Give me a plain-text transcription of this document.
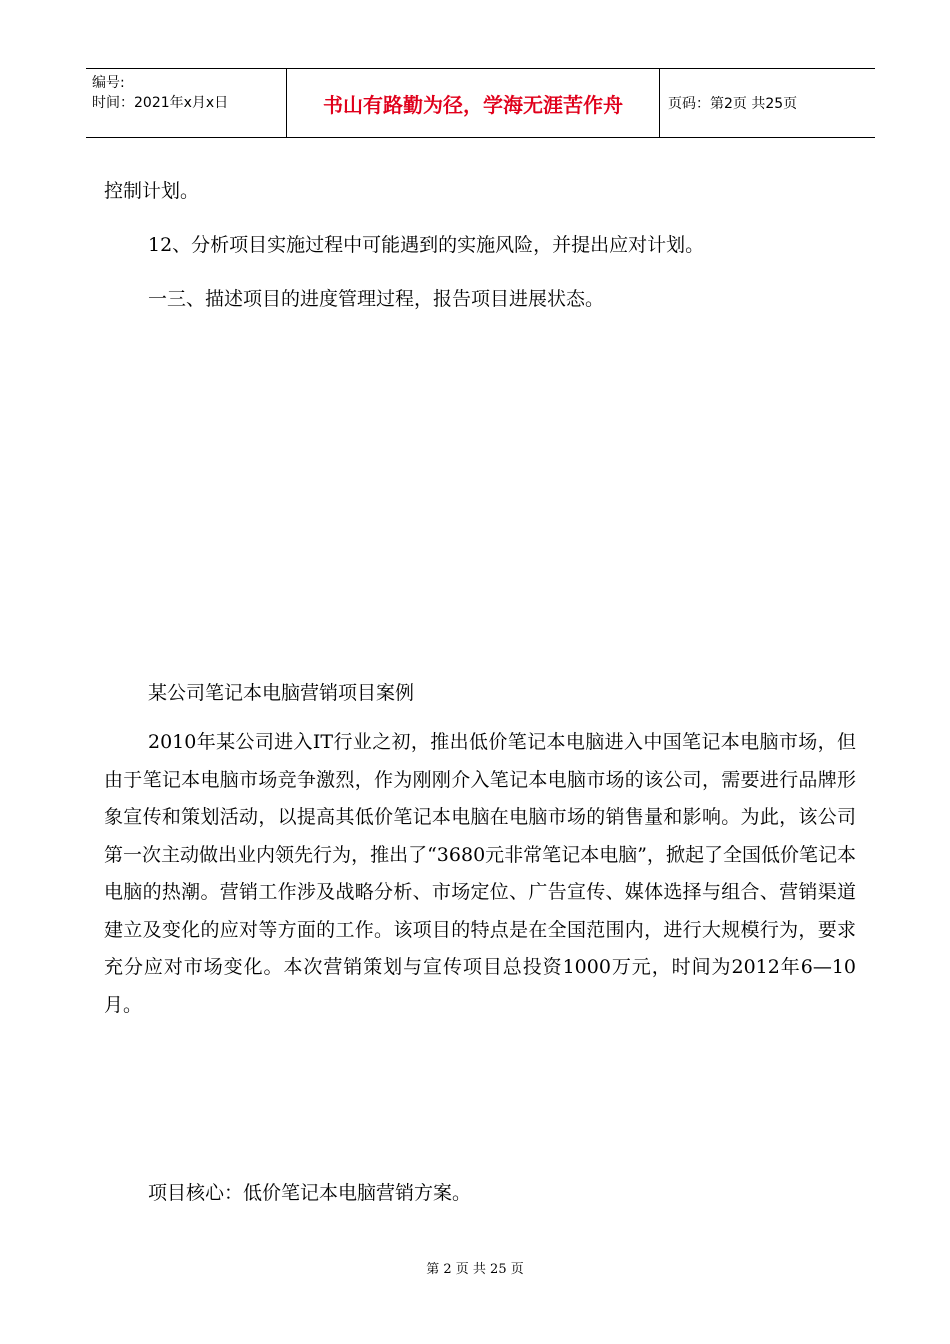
编号:
时间：2021年x月x日	书山有路勤为径，学海无涯苦作舟	页码：第2页 共25页

控制计划。

12、分析项目实施过程中可能遇到的实施风险，并提出应对计划。

一三、描述项目的进度管理过程，报告项目进展状态。

某公司笔记本电脑营销项目案例

2010年某公司进入IT行业之初，推出低价笔记本电脑进入中国笔记本电脑市场，但由于笔记本电脑市场竞争激烈，作为刚刚介入笔记本电脑市场的该公司，需要进行品牌形象宣传和策划活动，以提高其低价笔记本电脑在电脑市场的销售量和影响。为此，该公司第一次主动做出业内领先行为，推出了“3680元非常笔记本电脑”，掀起了全国低价笔记本电脑的热潮。营销工作涉及战略分析、市场定位、广告宣传、媒体选择与组合、营销渠道建立及变化的应对等方面的工作。该项目的特点是在全国范围内，进行大规模行为，要求充分应对市场变化。本次营销策划与宣传项目总投资1000万元，时间为2012年6—10月。

项目核心：低价笔记本电脑营销方案。

第 2 页 共 25 页
